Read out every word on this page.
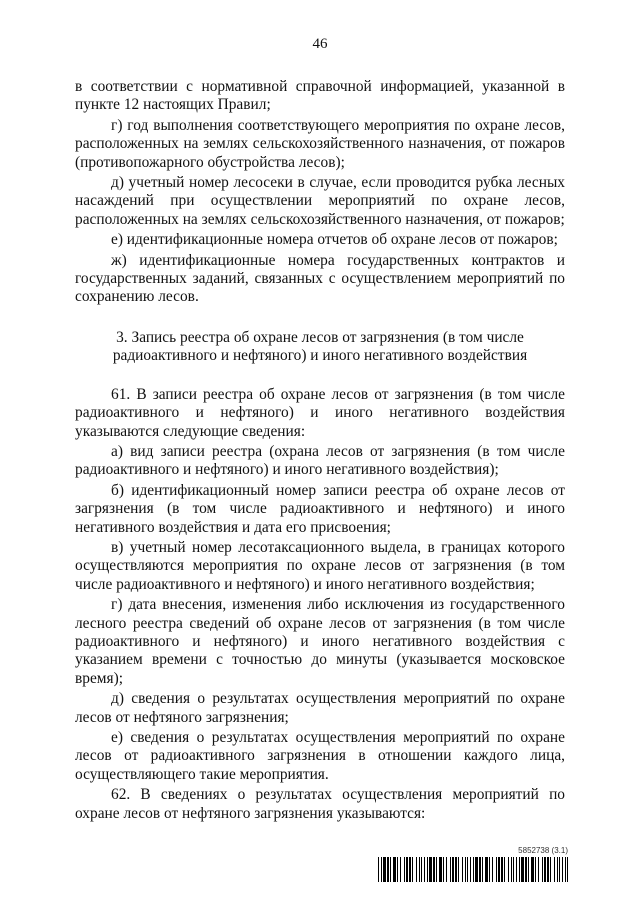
46

в соответствии с нормативной справочной информацией, указанной в пункте 12 настоящих Правил;

г) год выполнения соответствующего мероприятия по охране лесов, расположенных на землях сельскохозяйственного назначения, от пожаров (противопожарного обустройства лесов);

д) учетный номер лесосеки в случае, если проводится рубка лесных насаждений при осуществлении мероприятий по охране лесов, расположенных на землях сельскохозяйственного назначения, от пожаров;

е) идентификационные номера отчетов об охране лесов от пожаров;

ж) идентификационные номера государственных контрактов и государственных заданий, связанных с осуществлением мероприятий по сохранению лесов.

3. Запись реестра об охране лесов от загрязнения (в том числе
радиоактивного и нефтяного) и иного негативного воздействия

61. В записи реестра об охране лесов от загрязнения (в том числе радиоактивного и нефтяного) и иного негативного воздействия указываются следующие сведения:

а) вид записи реестра (охрана лесов от загрязнения (в том числе радиоактивного и нефтяного) и иного негативного воздействия);

б) идентификационный номер записи реестра об охране лесов от загрязнения (в том числе радиоактивного и нефтяного) и иного негативного воздействия и дата его присвоения;

в) учетный номер лесотаксационного выдела, в границах которого осуществляются мероприятия по охране лесов от загрязнения (в том числе радиоактивного и нефтяного) и иного негативного воздействия;

г) дата внесения, изменения либо исключения из государственного лесного реестра сведений об охране лесов от загрязнения (в том числе радиоактивного и нефтяного) и иного негативного воздействия с указанием времени с точностью до минуты (указывается московское время);

д) сведения о результатах осуществления мероприятий по охране лесов от нефтяного загрязнения;

е) сведения о результатах осуществления мероприятий по охране лесов от радиоактивного загрязнения в отношении каждого лица, осуществляющего такие мероприятия.

62. В сведениях о результатах осуществления мероприятий по охране лесов от нефтяного загрязнения указываются:

5852738 (3.1)
